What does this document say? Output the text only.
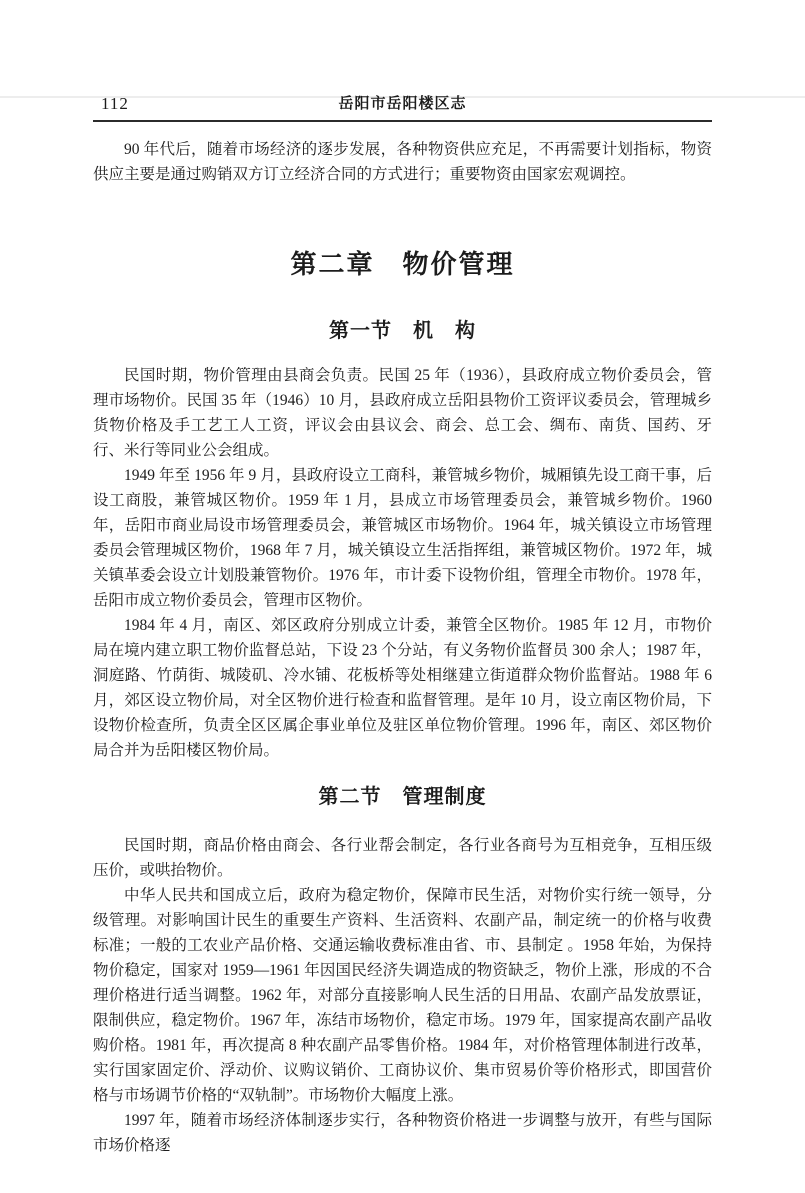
112	岳阳市岳阳楼区志

90 年代后，随着市场经济的逐步发展，各种物资供应充足，不再需要计划指标，物资供应主要是通过购销双方订立经济合同的方式进行；重要物资由国家宏观调控。

第二章　物价管理
第一节　机　构

民国时期，物价管理由县商会负责。民国 25 年（1936），县政府成立物价委员会，管理市场物价。民国 35 年（1946）10 月，县政府成立岳阳县物价工资评议委员会，管理城乡货物价格及手工艺工人工资，评议会由县议会、商会、总工会、绸布、南货、国药、牙行、米行等同业公会组成。

1949 年至 1956 年 9 月，县政府设立工商科，兼管城乡物价，城厢镇先设工商干事，后设工商股，兼管城区物价。1959 年 1 月，县成立市场管理委员会，兼管城乡物价。1960 年，岳阳市商业局设市场管理委员会，兼管城区市场物价。1964 年，城关镇设立市场管理委员会管理城区物价，1968 年 7 月，城关镇设立生活指挥组，兼管城区物价。1972 年，城关镇革委会设立计划股兼管物价。1976 年，市计委下设物价组，管理全市物价。1978 年，岳阳市成立物价委员会，管理市区物价。

1984 年 4 月，南区、郊区政府分别成立计委，兼管全区物价。1985 年 12 月，市物价局在境内建立职工物价监督总站，下设 23 个分站，有义务物价监督员 300 余人；1987 年，洞庭路、竹荫街、城陵矶、冷水铺、花板桥等处相继建立街道群众物价监督站。1988 年 6 月，郊区设立物价局，对全区物价进行检查和监督管理。是年 10 月，设立南区物价局，下设物价检查所，负责全区区属企事业单位及驻区单位物价管理。1996 年，南区、郊区物价局合并为岳阳楼区物价局。

第二节　管理制度

民国时期，商品价格由商会、各行业帮会制定，各行业各商号为互相竞争，互相压级压价，或哄抬物价。

中华人民共和国成立后，政府为稳定物价，保障市民生活，对物价实行统一领导，分级管理。对影响国计民生的重要生产资料、生活资料、农副产品，制定统一的价格与收费标准；一般的工农业产品价格、交通运输收费标准由省、市、县制定 。1958 年始，为保持物价稳定，国家对 1959—1961 年因国民经济失调造成的物资缺乏，物价上涨，形成的不合理价格进行适当调整。1962 年，对部分直接影响人民生活的日用品、农副产品发放票证，限制供应，稳定物价。1967 年，冻结市场物价，稳定市场。1979 年，国家提高农副产品收购价格。1981 年，再次提高 8 种农副产品零售价格。1984 年，对价格管理体制进行改革，实行国家固定价、浮动价、议购议销价、工商协议价、集市贸易价等价格形式，即国营价格与市场调节价格的“双轨制”。市场物价大幅度上涨。

1997 年，随着市场经济体制逐步实行，各种物资价格进一步调整与放开，有些与国际市场价格逐
